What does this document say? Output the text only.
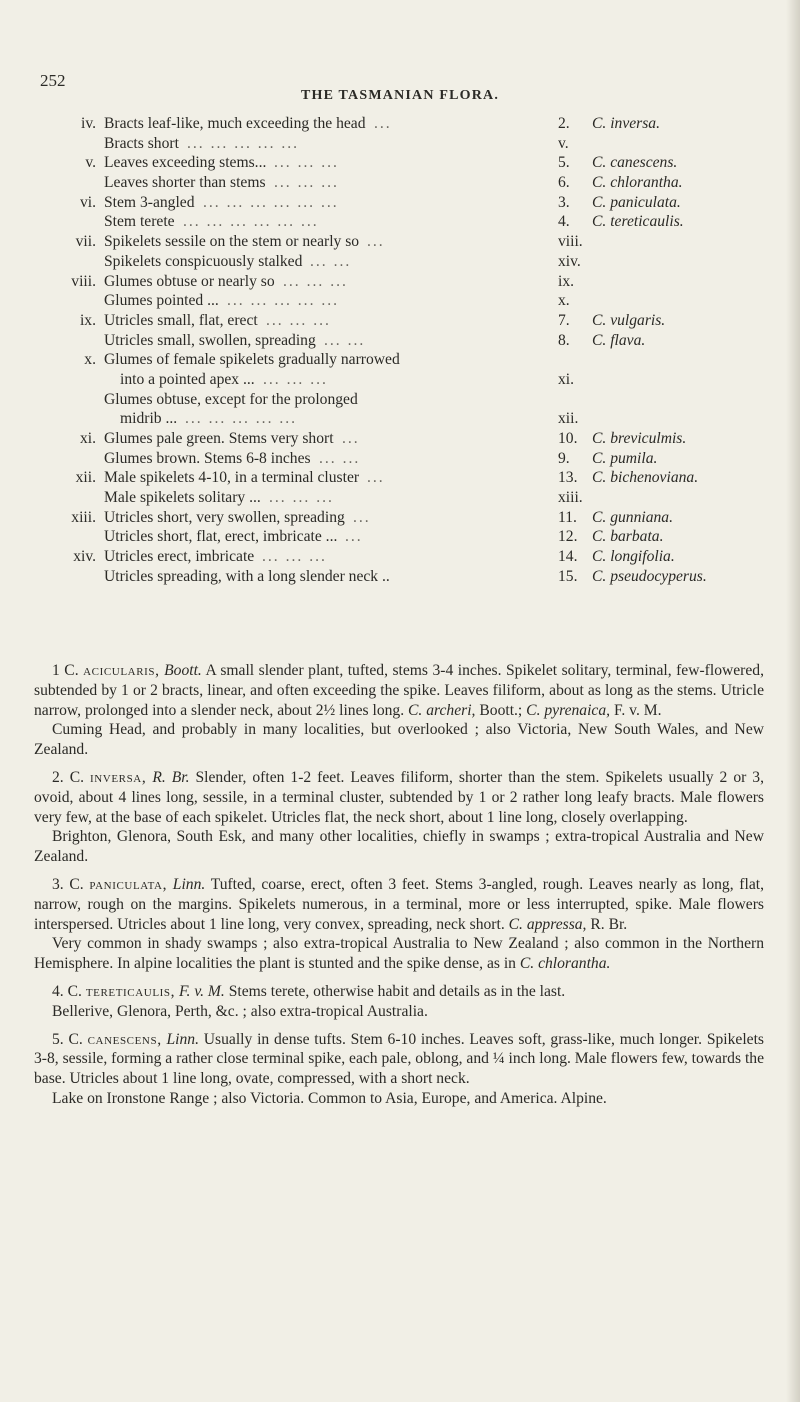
252
THE TASMANIAN FLORA.
iv. Bracts leaf-like, much exceeding the head ...	2.	C. inversa.
Bracts short ... ... ... ... ...	v.
v. Leaves exceeding stems... ... ... ...	5.	C. canescens.
Leaves shorter than stems ... ... ...	6.	C. chlorantha.
vi. Stem 3-angled ... ... ... ... ... ...	3.	C. paniculata.
Stem terete ... ... ... ... ... ...	4.	C. tereticaulis.
vii. Spikelets sessile on the stem or nearly so ...	viii.
Spikelets conspicuously stalked ... ...	xiv.
viii. Glumes obtuse or nearly so ... ... ...	ix.
Glumes pointed ... ... ... ... ... ...	x.
ix. Utricles small, flat, erect ... ... ...	7.	C. vulgaris.
Utricles small, swollen, spreading ... ...	8.	C. flava.
x. Glumes of female spikelets gradually narrowed
into a pointed apex ... ... ... ...	xi.
Glumes obtuse, except for the prolonged
midrib ... ... ... ... ... ...	xii.
xi. Glumes pale green. Stems very short ...	10. C. breviculmis.
Glumes brown. Stems 6-8 inches ... ...	9.	C. pumila.
xii. Male spikelets 4-10, in a terminal cluster ...	13. C. bichenoviana.
Male spikelets solitary ... ... ... ...	xiii.
xiii. Utricles short, very swollen, spreading ...	11. C. gunniana.
Utricles short, flat, erect, imbricate ... ...	12. C. barbata.
xiv. Utricles erect, imbricate ... ... ...	14. C. longifolia.
Utricles spreading, with a long slender neck ..	15. C. pseudocyperus.

1 C. acicularis, Boott. A small slender plant, tufted, stems 3-4 inches. Spikelet solitary, terminal, few-flowered, subtended by 1 or 2 bracts, linear, and often exceeding the spike. Leaves filiform, about as long as the stems. Utricle narrow, prolonged into a slender neck, about 2½ lines long. C. archeri, Boott.; C. pyrenaica, F. v. M.

Cuming Head, and probably in many localities, but overlooked ; also Victoria, New South Wales, and New Zealand.

2. C. inversa, R. Br. Slender, often 1-2 feet. Leaves filiform, shorter than the stem. Spikelets usually 2 or 3, ovoid, about 4 lines long, sessile, in a terminal cluster, subtended by 1 or 2 rather long leafy bracts. Male flowers very few, at the base of each spikelet. Utricles flat, the neck short, about 1 line long, closely overlapping.

Brighton, Glenora, South Esk, and many other localities, chiefly in swamps ; extra-tropical Australia and New Zealand.

3. C. paniculata, Linn. Tufted, coarse, erect, often 3 feet. Stems 3-angled, rough. Leaves nearly as long, flat, narrow, rough on the margins. Spikelets numerous, in a terminal, more or less interrupted, spike. Male flowers interspersed. Utricles about 1 line long, very convex, spreading, neck short. C. appressa, R. Br.

Very common in shady swamps ; also extra-tropical Australia to New Zealand ; also common in the Northern Hemisphere. In alpine localities the plant is stunted and the spike dense, as in C. chlorantha.

4. C. tereticaulis, F. v. M. Stems terete, otherwise habit and details as in the last.

Bellerive, Glenora, Perth, &c. ; also extra-tropical Australia.

5. C. canescens, Linn. Usually in dense tufts. Stem 6-10 inches. Leaves soft, grass-like, much longer. Spikelets 3-8, sessile, forming a rather close terminal spike, each pale, oblong, and ¼ inch long. Male flowers few, towards the base. Utricles about 1 line long, ovate, compressed, with a short neck.

Lake on Ironstone Range ; also Victoria. Common to Asia, Europe, and America. Alpine.
